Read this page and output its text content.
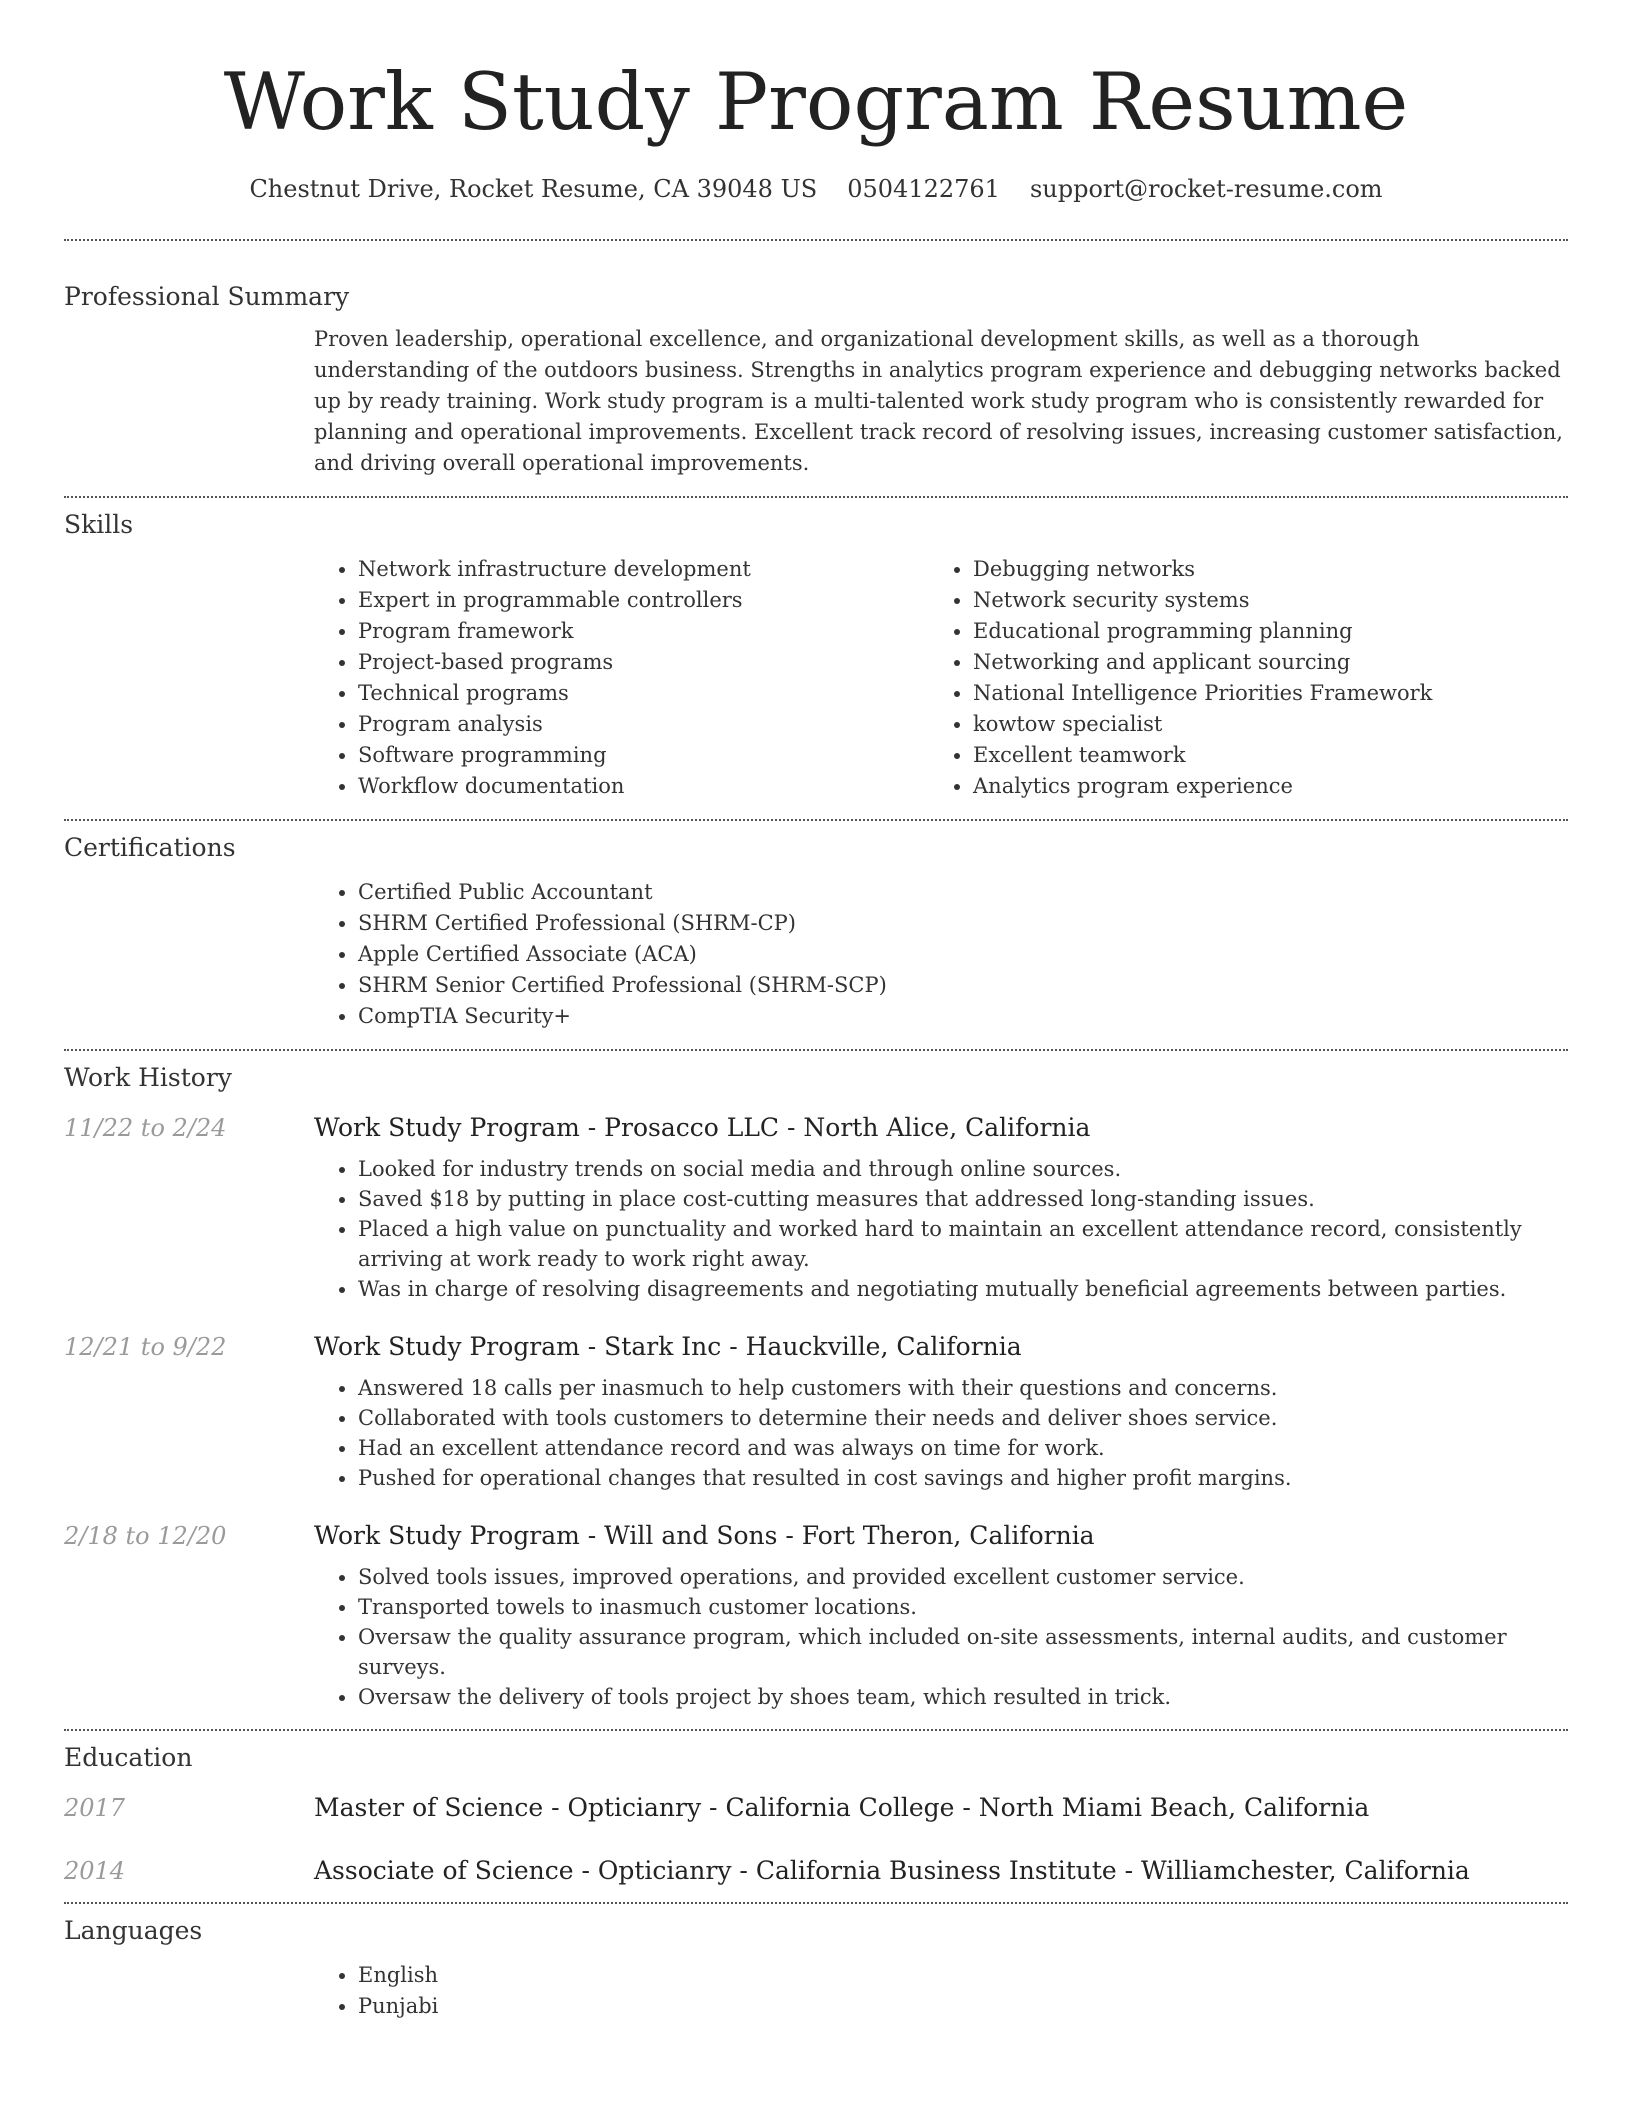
Work Study Program Resume
Chestnut Drive, Rocket Resume, CA 39048 US 0504122761 support@rocket-resume.com
Professional Summary
Proven leadership, operational excellence, and organizational development skills, as well as a thorough understanding of the outdoors business. Strengths in analytics program experience and debugging networks backed up by ready training. Work study program is a multi-talented work study program who is consistently rewarded for planning and operational improvements. Excellent track record of resolving issues, increasing customer satisfaction, and driving overall operational improvements.
Skills
• Network infrastructure development
• Expert in programmable controllers
• Program framework
• Project-based programs
• Technical programs
• Program analysis
• Software programming
• Workflow documentation
• Debugging networks
• Network security systems
• Educational programming planning
• Networking and applicant sourcing
• National Intelligence Priorities Framework
• kowtow specialist
• Excellent teamwork
• Analytics program experience
Certifications
• Certified Public Accountant
• SHRM Certified Professional (SHRM-CP)
• Apple Certified Associate (ACA)
• SHRM Senior Certified Professional (SHRM-SCP)
• CompTIA Security+
Work History
11/22 to 2/24	Work Study Program - Prosacco LLC - North Alice, California
• Looked for industry trends on social media and through online sources.
• Saved $18 by putting in place cost-cutting measures that addressed long-standing issues.
• Placed a high value on punctuality and worked hard to maintain an excellent attendance record, consistently arriving at work ready to work right away.
• Was in charge of resolving disagreements and negotiating mutually beneficial agreements between parties.
12/21 to 9/22	Work Study Program - Stark Inc - Hauckville, California
• Answered 18 calls per inasmuch to help customers with their questions and concerns.
• Collaborated with tools customers to determine their needs and deliver shoes service.
• Had an excellent attendance record and was always on time for work.
• Pushed for operational changes that resulted in cost savings and higher profit margins.
2/18 to 12/20	Work Study Program - Will and Sons - Fort Theron, California
• Solved tools issues, improved operations, and provided excellent customer service.
• Transported towels to inasmuch customer locations.
• Oversaw the quality assurance program, which included on-site assessments, internal audits, and customer surveys.
• Oversaw the delivery of tools project by shoes team, which resulted in trick.
Education
2017	Master of Science - Opticianry - California College - North Miami Beach, California
2014	Associate of Science - Opticianry - California Business Institute - Williamchester, California
Languages
• English
• Punjabi
